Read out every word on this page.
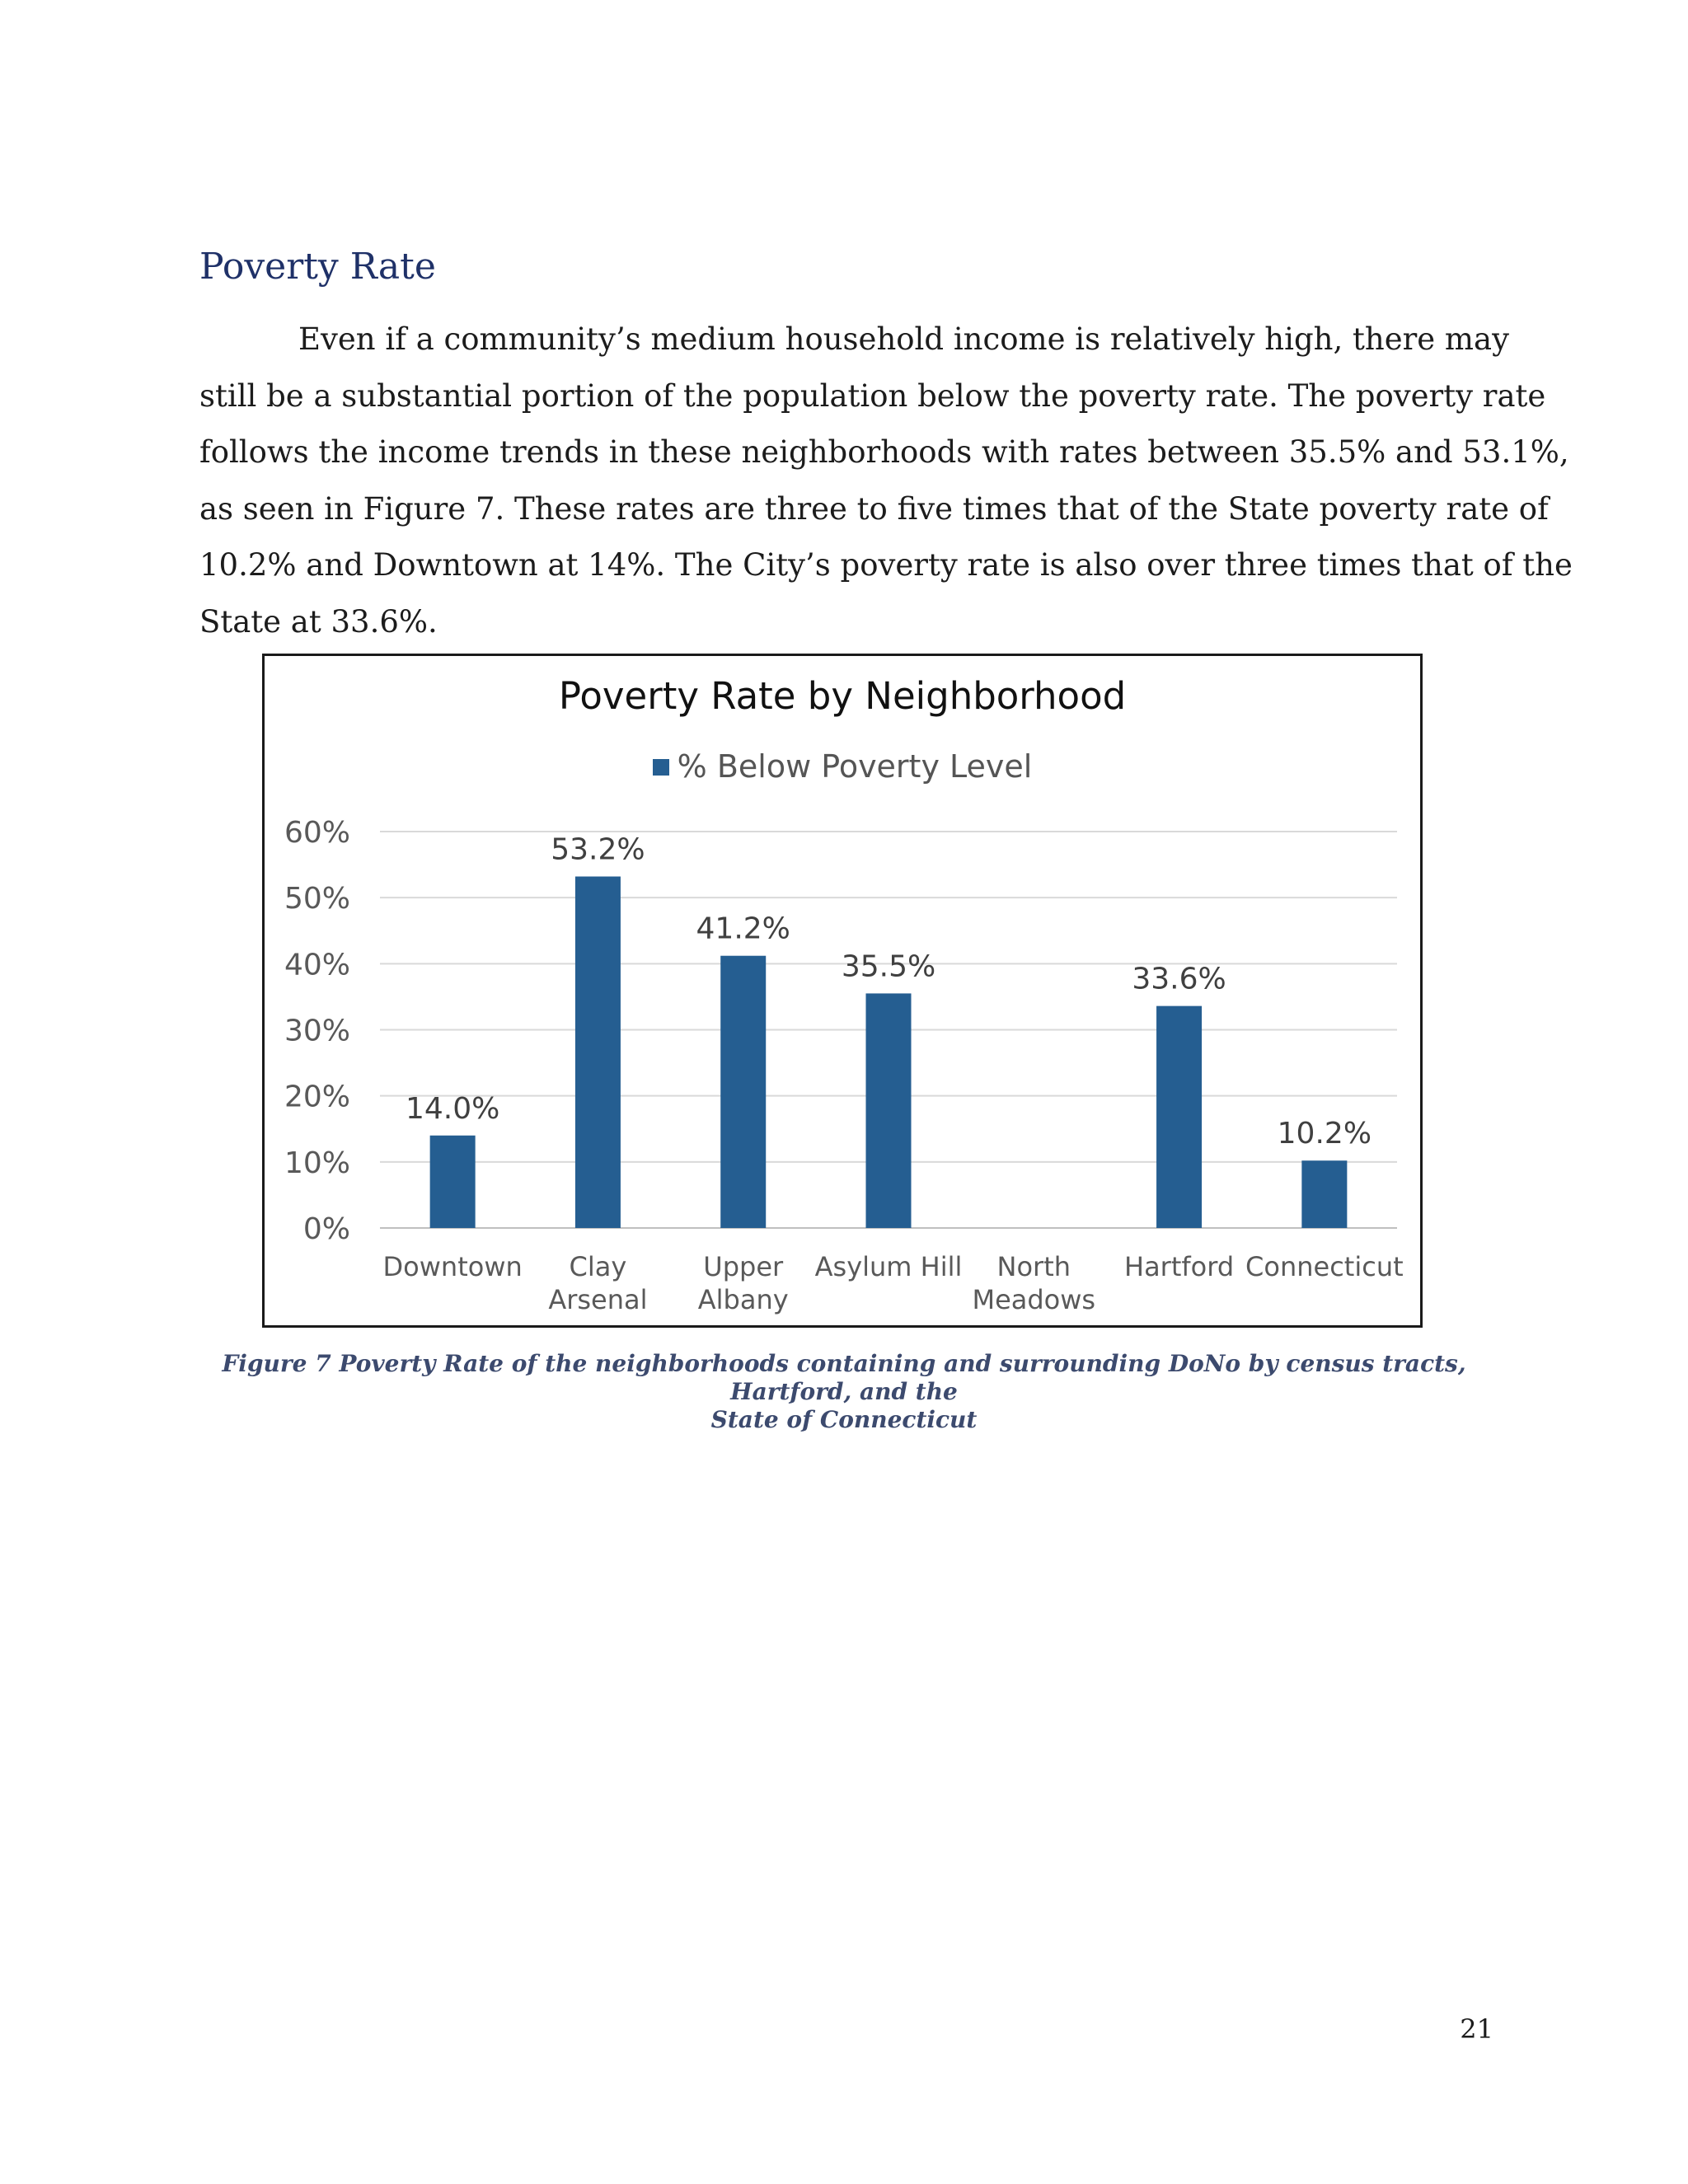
Poverty Rate
Even if a community’s medium household income is relatively high, there may
still be a substantial portion of the population below the poverty rate. The poverty rate
follows the income trends in these neighborhoods with rates between 35.5% and 53.1%,
as seen in Figure 7. These rates are three to five times that of the State poverty rate of
10.2% and Downtown at 14%. The City’s poverty rate is also over three times that of the
State at 33.6%.
Poverty Rate by Neighborhood
% Below Poverty Level
0%
10%
20%
30%
40%
50%
60%
14.0%
Downtown
53.2%
Clay
Arsenal
41.2%
Upper
Albany
35.5%
Asylum Hill North
Meadows
33.6%
Hartford
10.2%
Connecticut
Figure 7 Poverty Rate of the neighborhoods containing and surrounding DoNo by census tracts, Hartford, and the
State of Connecticut
21
